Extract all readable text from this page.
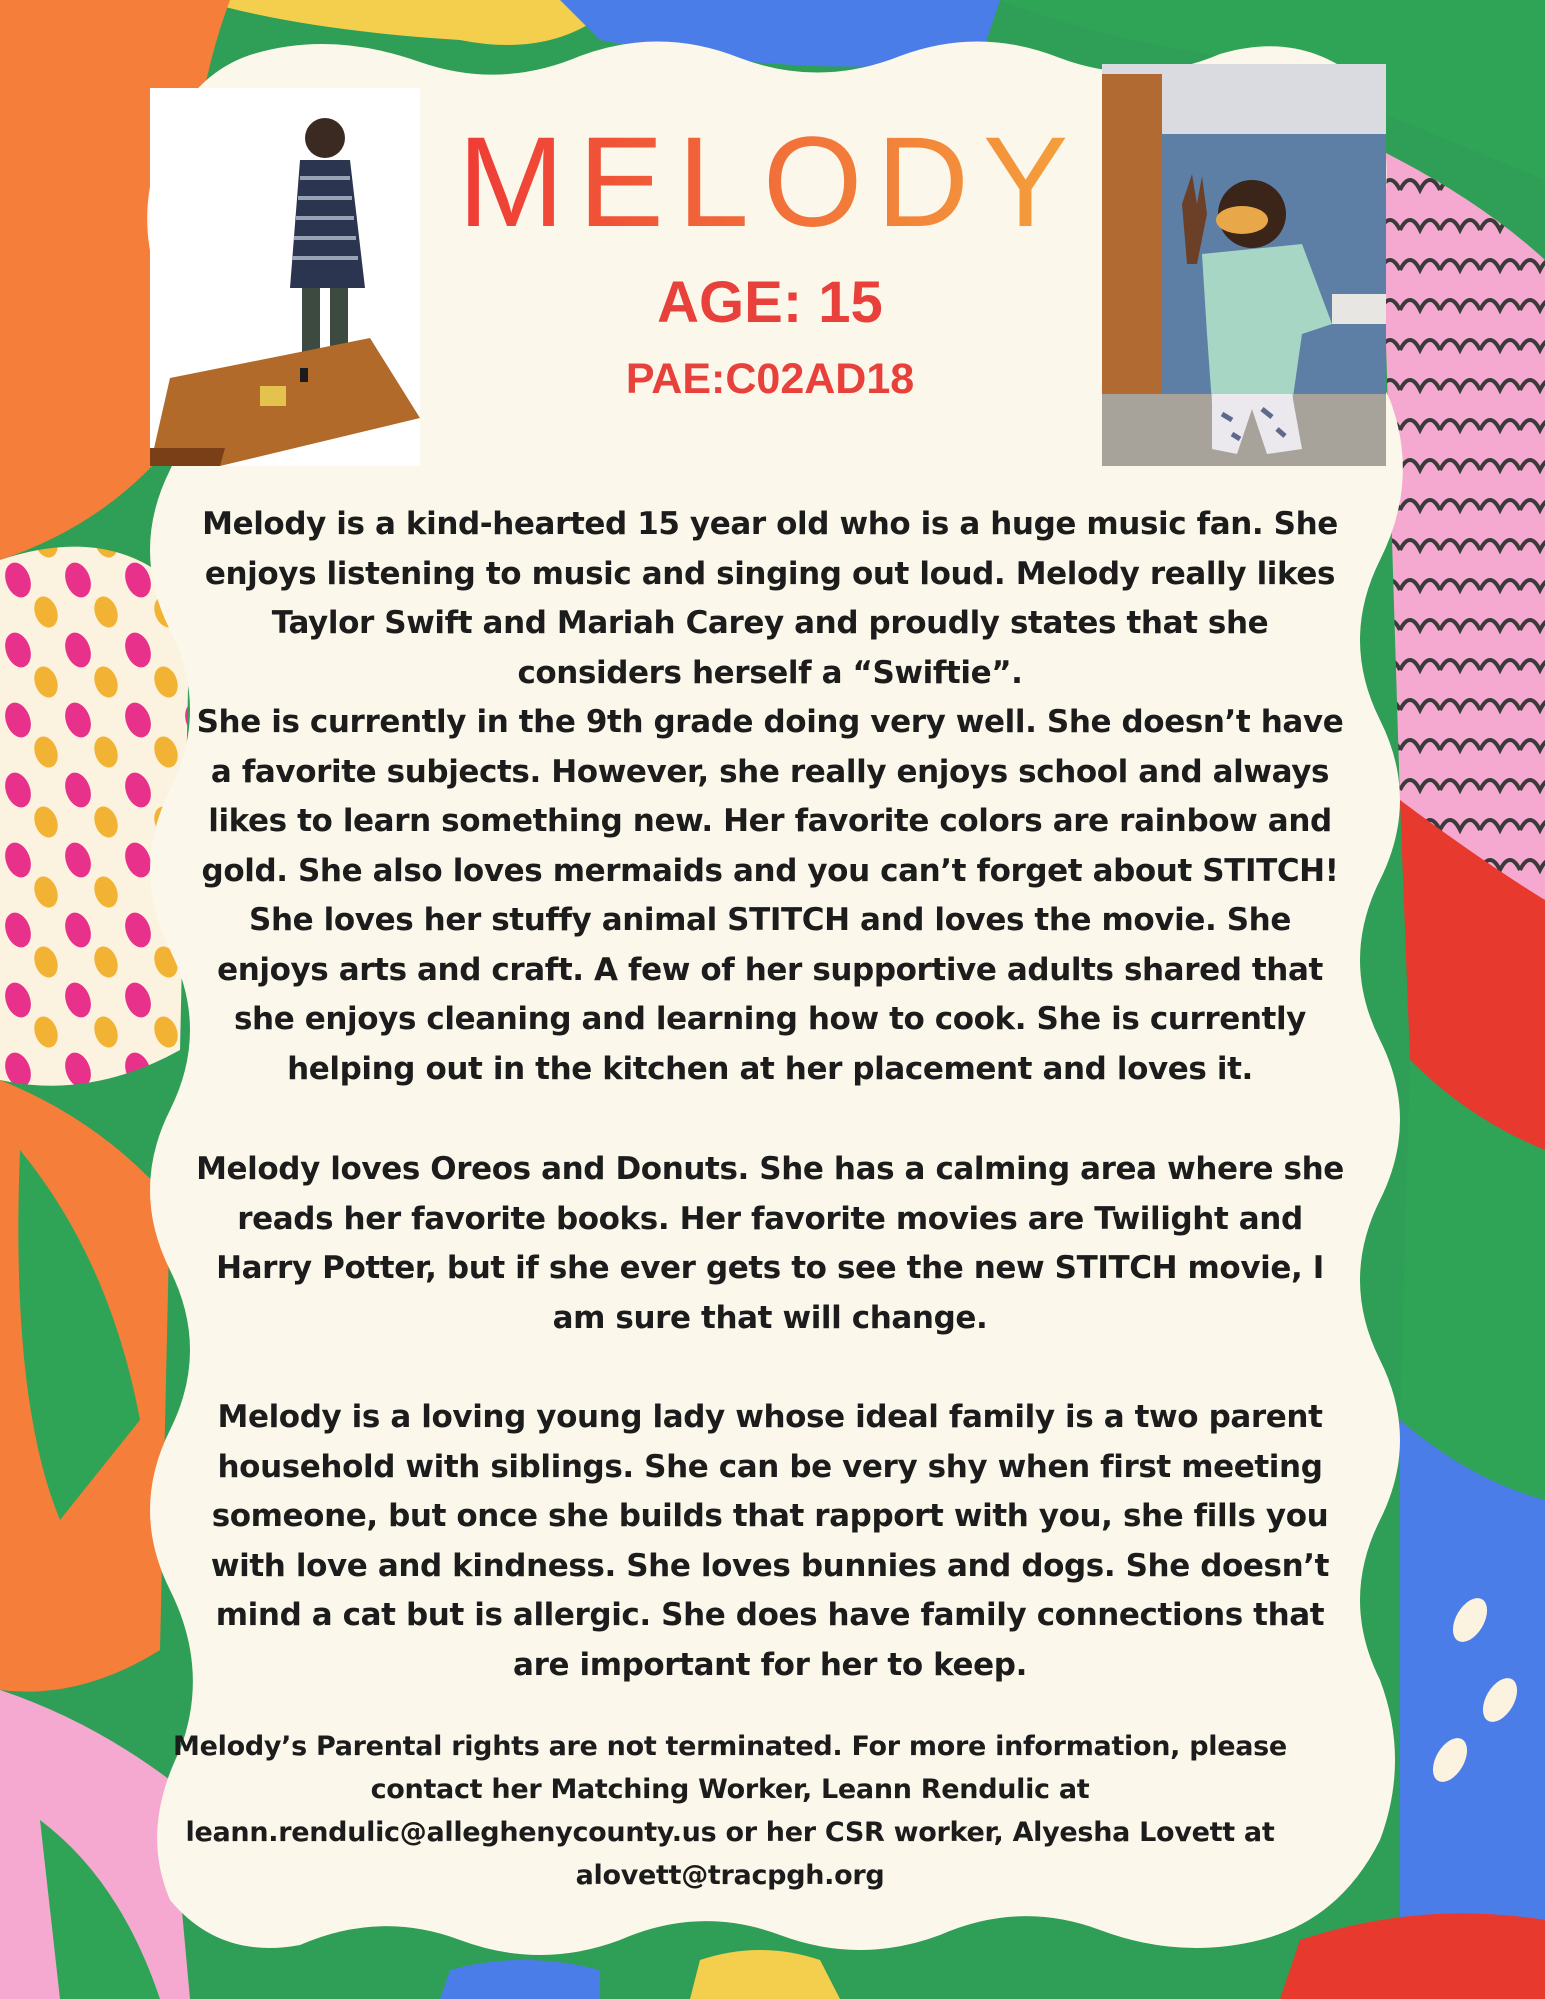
MELODY

AGE: 15

PAE:C02AD18

Melody is a kind-hearted 15 year old who is a huge music fan. She enjoys listening to music and singing out loud. Melody really likes Taylor Swift and Mariah Carey and proudly states that she considers herself a “Swiftie”.
She is currently in the 9th grade doing very well. She doesn’t have a favorite subjects. However, she really enjoys school and always likes to learn something new. Her favorite colors are rainbow and gold. She also loves mermaids and you can’t forget about STITCH! She loves her stuffy animal STITCH and loves the movie. She enjoys arts and craft. A few of her supportive adults shared that she enjoys cleaning and learning how to cook. She is currently helping out in the kitchen at her placement and loves it.

Melody loves Oreos and Donuts. She has a calming area where she reads her favorite books. Her favorite movies are Twilight and Harry Potter, but if she ever gets to see the new STITCH movie, I am sure that will change.

Melody is a loving young lady whose ideal family is a two parent household with siblings. She can be very shy when first meeting someone, but once she builds that rapport with you, she fills you with love and kindness. She loves bunnies and dogs. She doesn’t mind a cat but is allergic. She does have family connections that are important for her to keep.

Melody’s Parental rights are not terminated. For more information, please contact her Matching Worker, Leann Rendulic at leann.rendulic@alleghenycounty.us or her CSR worker, Alyesha Lovett at alovett@tracpgh.org
